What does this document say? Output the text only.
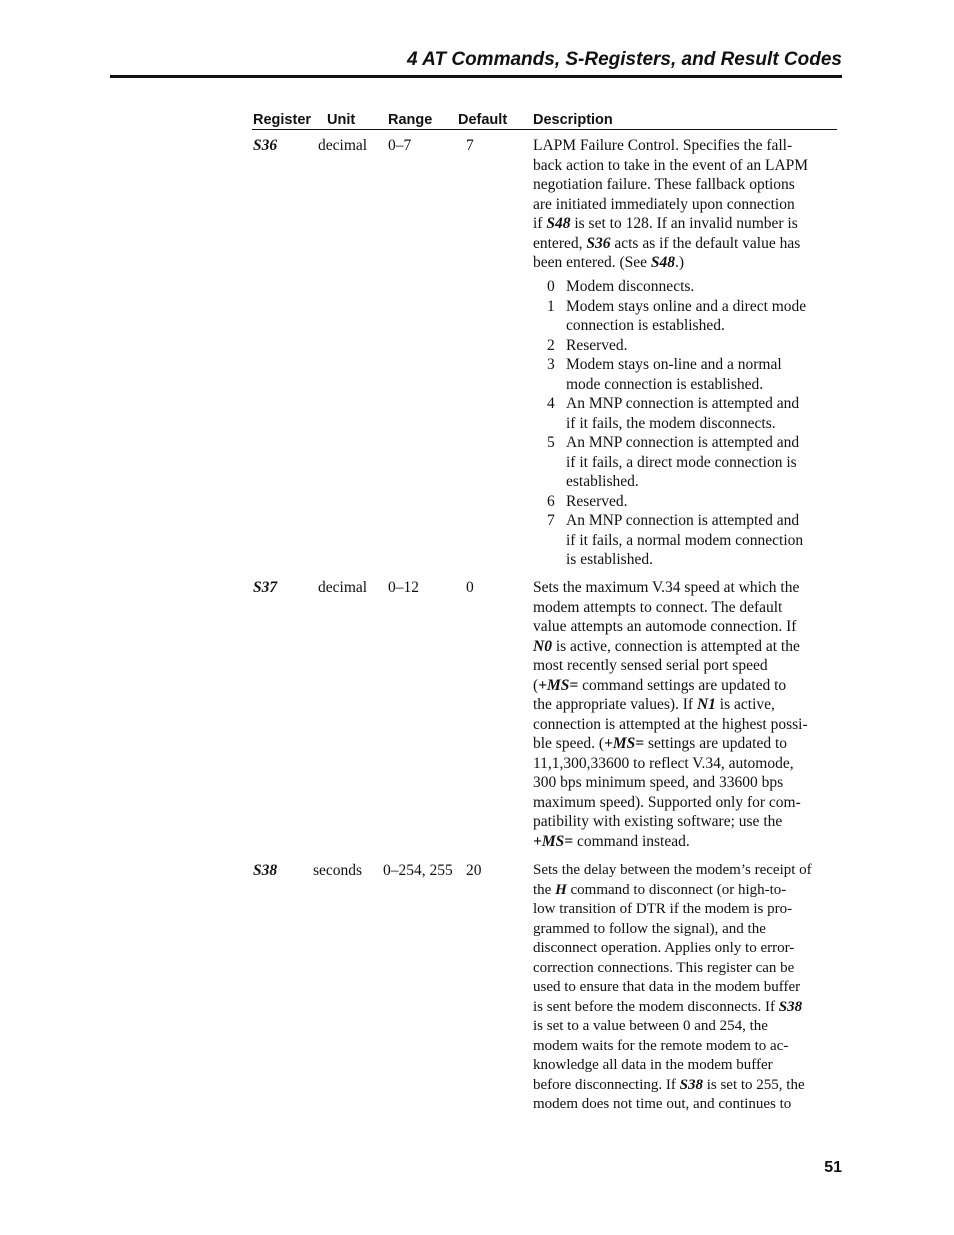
4 AT Commands, S-Registers, and Result Codes
Register Unit Range Default Description
S36	decimal 0–7	7	LAPM Failure Control. Specifies the fall-

back action to take in the event of an LAPM

negotiation failure. These fallback options

are initiated immediately upon connection

if S48 is set to 128. If an invalid number is

entered, S36 acts as if the default value has

been entered. (See S48.)

0 Modem disconnects.

1 Modem stays online and a direct mode

connection is established.

2 Reserved.

3 Modem stays on-line and a normal

mode connection is established.

4 An MNP connection is attempted and

if it fails, the modem disconnects.

5 An MNP connection is attempted and

if it fails, a direct mode connection is

established.

6 Reserved.

7 An MNP connection is attempted and

if it fails, a normal modem connection

is established.

S37	decimal 0–12	0	Sets the maximum V.34 speed at which the

modem attempts to connect. The default

value attempts an automode connection. If

N0 is active, connection is attempted at the

most recently sensed serial port speed

(+MS= command settings are updated to

the appropriate values). If N1 is active,

connection is attempted at the highest possi-

ble speed. (+MS= settings are updated to

11,1,300,33600 to reflect V.34, automode,

300 bps minimum speed, and 33600 bps

maximum speed). Supported only for com-

patibility with existing software; use the

+MS= command instead.

S38 seconds 0–254, 255 20	Sets the delay between the modem’s receipt of

the H command to disconnect (or high-to-

low transition of DTR if the modem is pro-

grammed to follow the signal), and the

disconnect operation. Applies only to error-

correction connections. This register can be

used to ensure that data in the modem buffer

is sent before the modem disconnects. If S38

is set to a value between 0 and 254, the

modem waits for the remote modem to ac-

knowledge all data in the modem buffer

before disconnecting. If S38 is set to 255, the

modem does not time out, and continues to

51
